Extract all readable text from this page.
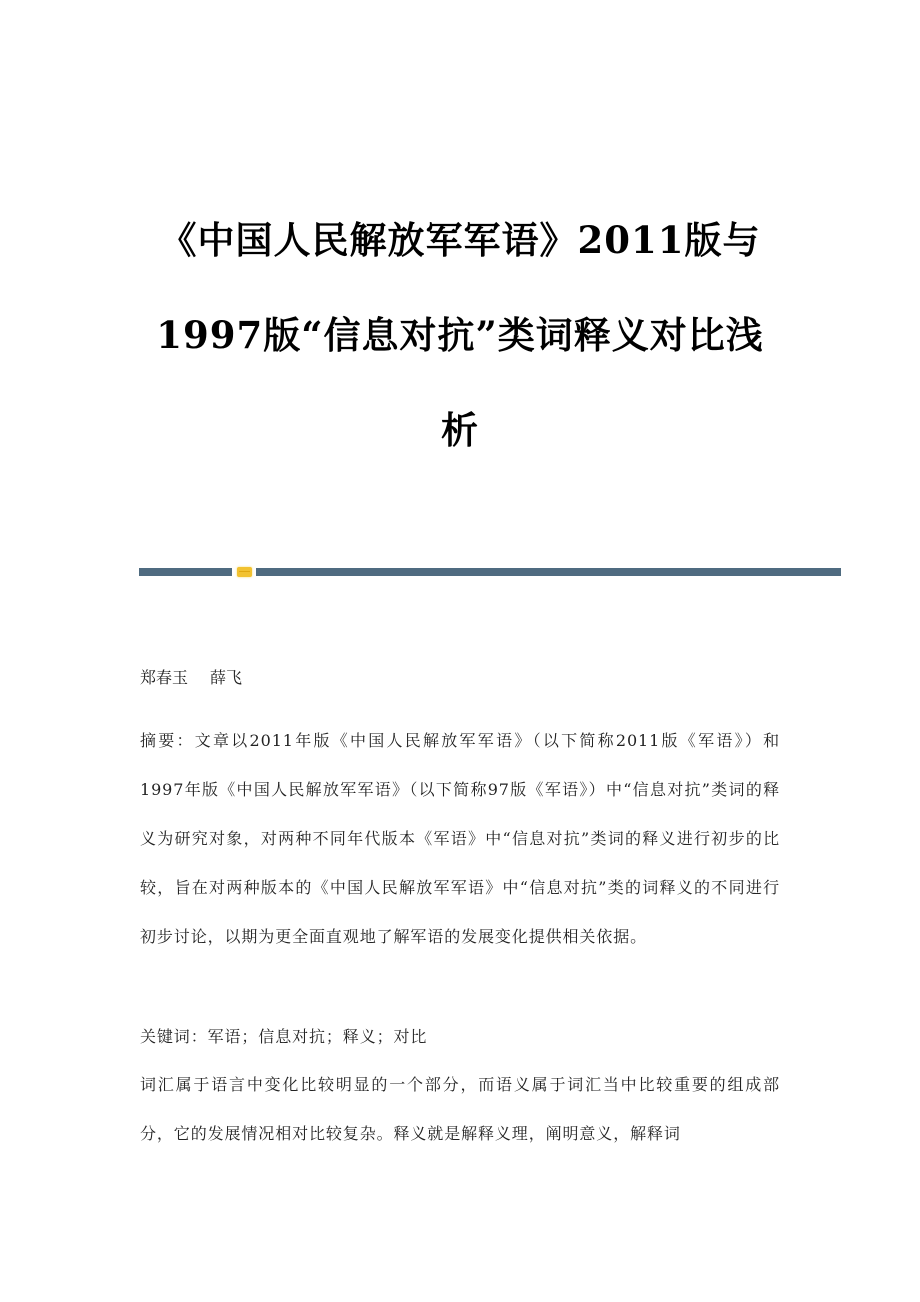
《中国人民解放军军语》2011版与
1997版“信息对抗”类词释义对比浅
析
郑春玉 薛飞

摘要：文章以2011年版《中国人民解放军军语》（以下简称2011版《军语》）和1997年版《中国人民解放军军语》（以下简称97版《军语》）中“信息对抗”类词的释义为研究对象，对两种不同年代版本《军语》中“信息对抗”类词的释义进行初步的比较，旨在对两种版本的《中国人民解放军军语》中“信息对抗”类的词释义的不同进行初步讨论，以期为更全面直观地了解军语的发展变化提供相关依据。

关键词：军语；信息对抗；释义；对比

词汇属于语言中变化比较明显的一个部分，而语义属于词汇当中比较重要的组成部分，它的发展情况相对比较复杂。释义就是解释义理，阐明意义，解释词
